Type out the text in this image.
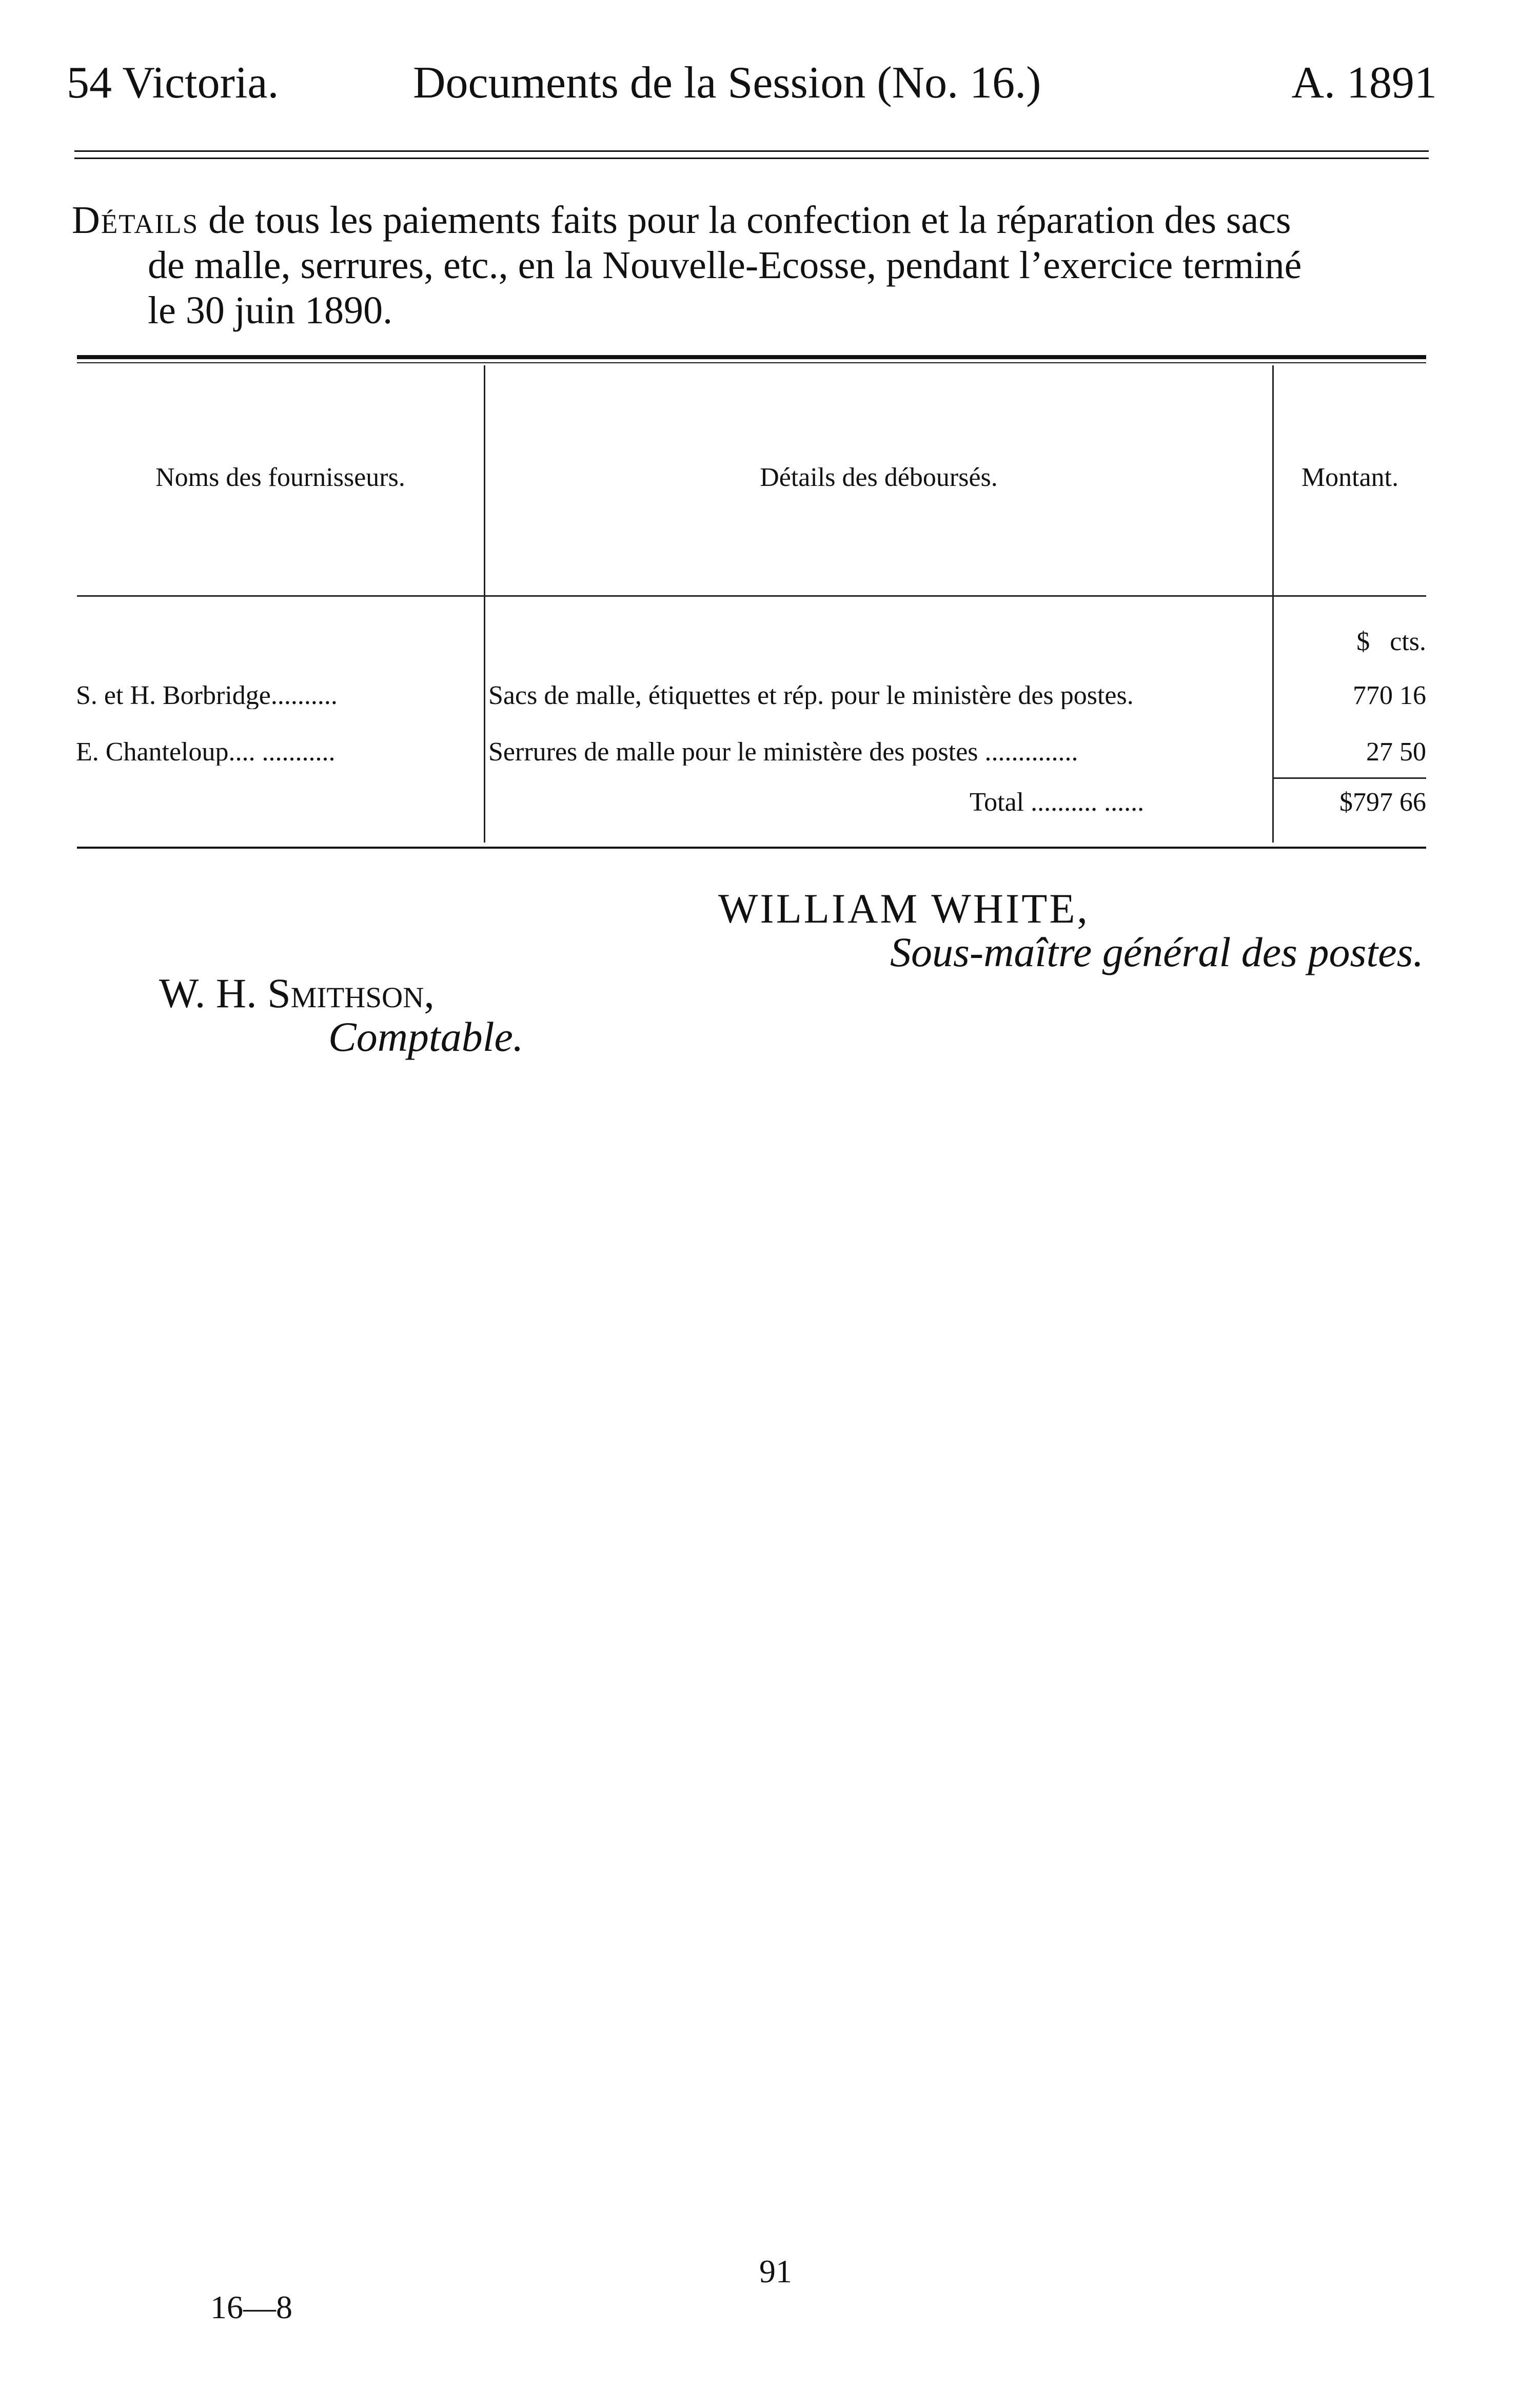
54 Victoria.	Documents de la Session (No. 16.)	A. 1891

Détails de tous les paiements faits pour la confection et la réparation des sacs
de malle, serrures, etc., en la Nouvelle-Ecosse, pendant l’exercice terminé
le 30 juin 1890.

Noms des fournisseurs.	Détails des déboursés.	Montant.
$   cts.
S. et H. Borbridge ..........	Sacs de malle, étiquettes et rép. pour le ministère des postes.	770 16
E. Chanteloup .... ...........	Serrures de malle pour le ministère des postes ..............	27 50
Total .......... ......	$797 66
WILLIAM WHITE,
Sous-maître général des postes.
W. H. Smithson,
Comptable.
91
16—8
